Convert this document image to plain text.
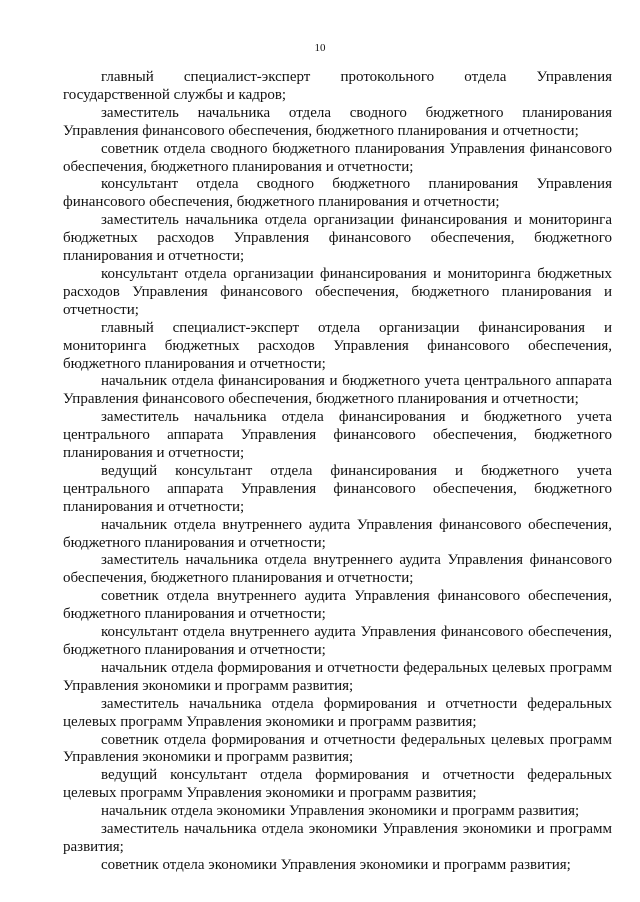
10

главный специалист-эксперт протокольного отдела Управления государственной службы и кадров;

заместитель начальника отдела сводного бюджетного планирования Управления финансового обеспечения, бюджетного планирования и отчетности;

советник отдела сводного бюджетного планирования Управления финансового обеспечения, бюджетного планирования и отчетности;

консультант отдела сводного бюджетного планирования Управления финансового обеспечения, бюджетного планирования и отчетности;

заместитель начальника отдела организации финансирования и мониторинга бюджетных расходов Управления финансового обеспечения, бюджетного планирования и отчетности;

консультант отдела организации финансирования и мониторинга бюджетных расходов Управления финансового обеспечения, бюджетного планирования и отчетности;

главный специалист-эксперт отдела организации финансирования и мониторинга бюджетных расходов Управления финансового обеспечения, бюджетного планирования и отчетности;

начальник отдела финансирования и бюджетного учета центрального аппарата Управления финансового обеспечения, бюджетного планирования и отчетности;

заместитель начальника отдела финансирования и бюджетного учета центрального аппарата Управления финансового обеспечения, бюджетного планирования и отчетности;

ведущий консультант отдела финансирования и бюджетного учета центрального аппарата Управления финансового обеспечения, бюджетного планирования и отчетности;

начальник отдела внутреннего аудита Управления финансового обеспечения, бюджетного планирования и отчетности;

заместитель начальника отдела внутреннего аудита Управления финансового обеспечения, бюджетного планирования и отчетности;

советник отдела внутреннего аудита Управления финансового обеспечения, бюджетного планирования и отчетности;

консультант отдела внутреннего аудита Управления финансового обеспечения, бюджетного планирования и отчетности;

начальник отдела формирования и отчетности федеральных целевых программ Управления экономики и программ развития;

заместитель начальника отдела формирования и отчетности федеральных целевых программ Управления экономики и программ развития;

советник отдела формирования и отчетности федеральных целевых программ Управления экономики и программ развития;

ведущий консультант отдела формирования и отчетности федеральных целевых программ Управления экономики и программ развития;

начальник отдела экономики Управления экономики и программ развития;

заместитель начальника отдела экономики Управления экономики и программ развития;

советник отдела экономики Управления экономики и программ развития;
